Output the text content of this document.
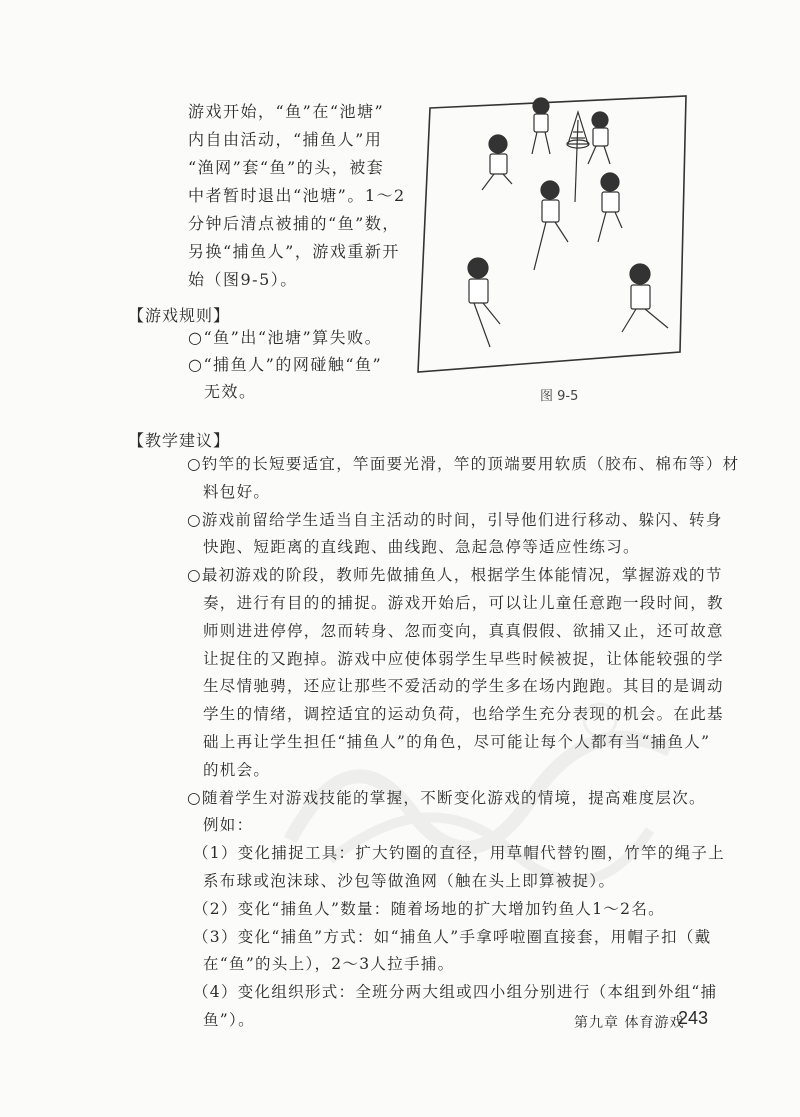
游戏开始，“鱼”在“池塘”

内自由活动，“捕鱼人”用

“渔网”套“鱼”的头，被套

中者暂时退出“池塘”。1～2

分钟后清点被捕的“鱼”数，

另换“捕鱼人”，游戏重新开

始（图9-5）。

【游戏规则】
○“鱼”出“池塘”算失败。
○“捕鱼人”的网碰触“鱼”
无效。	图 9-5
【教学建议】
○钓竿的长短要适宜，竿面要光滑，竿的顶端要用软质（胶布、棉布等）材
料包好。
○游戏前留给学生适当自主活动的时间，引导他们进行移动、躲闪、转身
快跑、短距离的直线跑、曲线跑、急起急停等适应性练习。
○最初游戏的阶段，教师先做捕鱼人，根据学生体能情况，掌握游戏的节
奏，进行有目的的捕捉。游戏开始后，可以让儿童任意跑一段时间，教
师则进进停停，忽而转身、忽而变向，真真假假、欲捕又止，还可故意
让捉住的又跑掉。游戏中应使体弱学生早些时候被捉，让体能较强的学
生尽情驰骋，还应让那些不爱活动的学生多在场内跑跑。其目的是调动
学生的情绪，调控适宜的运动负荷，也给学生充分表现的机会。在此基
础上再让学生担任“捕鱼人”的角色，尽可能让每个人都有当“捕鱼人”
的机会。
○随着学生对游戏技能的掌握，不断变化游戏的情境，提高难度层次。
例如：
（1）变化捕捉工具：扩大钓圈的直径，用草帽代替钓圈，竹竿的绳子上
系布球或泡沫球、沙包等做渔网（触在头上即算被捉）。
（2）变化“捕鱼人”数量：随着场地的扩大增加钓鱼人1～2名。
（3）变化“捕鱼”方式：如“捕鱼人”手拿呼啦圈直接套，用帽子扣（戴
在“鱼”的头上），2～3人拉手捕。
（4）变化组织形式：全班分两大组或四小组分别进行（本组到外组“捕
鱼”）。	第九章 体育游戏
243
